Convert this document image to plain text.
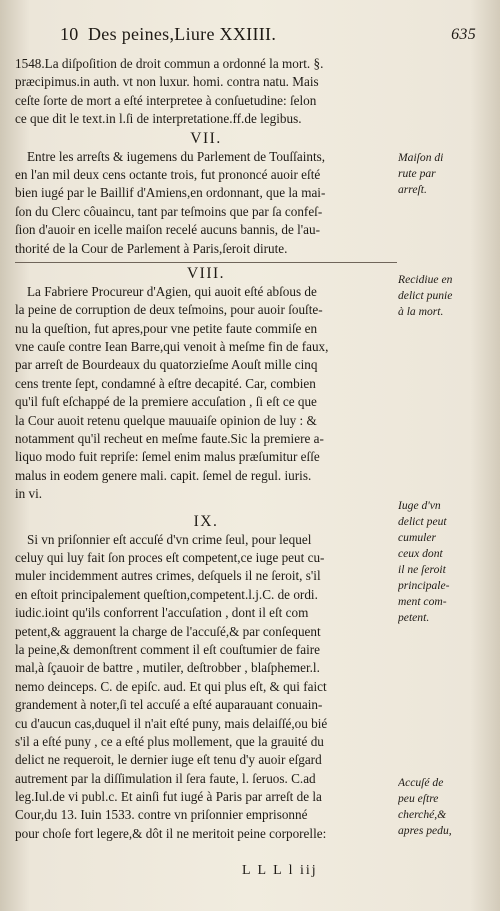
10 Des peines,Liure XXIIII.	635
1548.La diſpoſition de droit commun a ordonné la mort. §.
præcipimus.in auth. vt non luxur. homi. contra natu. Mais
ceſte ſorte de mort a eſté interpretee à conſuetudine: ſelon
ce que dit le text.in l.ſi de interpretatione.ff.de legibus.
VII.
Entre les arreſts & iugemens du Parlement de Touſſaints,
en l'an mil deux cens octante trois, fut prononcé auoir eſté
bien iugé par le Baillif d'Amiens,en ordonnant, que la mai-
ſon du Clerc côuaincu, tant par teſmoins que par ſa confeſ-
ſion d'auoir en icelle maiſon recelé aucuns bannis, de l'au-
thorité de la Cour de Parlement à Paris,ſeroit dirute.
VIII.
La Fabriere Procureur d'Agien, qui auoit eſté abſous de
la peine de corruption de deux teſmoins, pour auoir ſouſte-
nu la queſtion, fut apres,pour vne petite faute commiſe en
vne cauſe contre Iean Barre,qui venoit à meſme fin de faux,
par arreſt de Bourdeaux du quatorzieſme Aouſt mille cinq
cens trente ſept, condamné à eſtre decapité. Car, combien
qu'il fuſt eſchappé de la premiere accuſation , ſi eſt ce que
la Cour auoit retenu quelque mauuaiſe opinion de luy : &
notamment qu'il recheut en meſme faute.Sic la premiere a-
liquo modo fuit repriſe: ſemel enim malus præſumitur eſſe
malus in eodem genere mali. capit. ſemel de regul. iuris.
in vi.
IX.
Si vn priſonnier eſt accuſé d'vn crime ſeul, pour lequel
celuy qui luy fait ſon proces eſt competent,ce iuge peut cu-
muler incidemment autres crimes, deſquels il ne ſeroit, s'il
en eſtoit principalement queſtion,competent.l.j.C. de ordi.
iudic.ioint qu'ils conforrent l'accuſation , dont il eſt com
petent,& aggrauent la charge de l'accuſé,& par conſequent
la peine,& demonſtrent comment il eſt couſtumier de faire
mal,à ſçauoir de battre , mutiler, deſtrobber , blaſphemer.l.
nemo deinceps. C. de epiſc. aud. Et qui plus eſt, & qui faict
grandement à noter,ſi tel accuſé a eſté auparauant conuain-
cu d'aucun cas,duquel il n'ait eſté puny, mais delaiſſé,ou bié
s'il a eſté puny , ce a eſté plus mollement, que la grauité du
delict ne requeroit, le dernier iuge eſt tenu d'y auoir eſgard
autrement par la diſſimulation il ſera faute, l. ſeruos. C.ad
leg.Iul.de vi publ.c. Et ainſi fut iugé à Paris par arreſt de la
Cour,du 13. Iuin 1533. contre vn priſonnier emprisonné
pour choſe fort legere,& dôt il ne meritoit peine corporelle:
Maiſon di
rute par
arreſt.
Recidiue en
delict punie
à la mort.
Iuge d'vn
delict peut
cumuler
ceux dont
il ne ſeroit
principale-
ment com-
petent.
Accuſé de
peu eſtre
cherché,&
apres pedu,
L L L l iij
